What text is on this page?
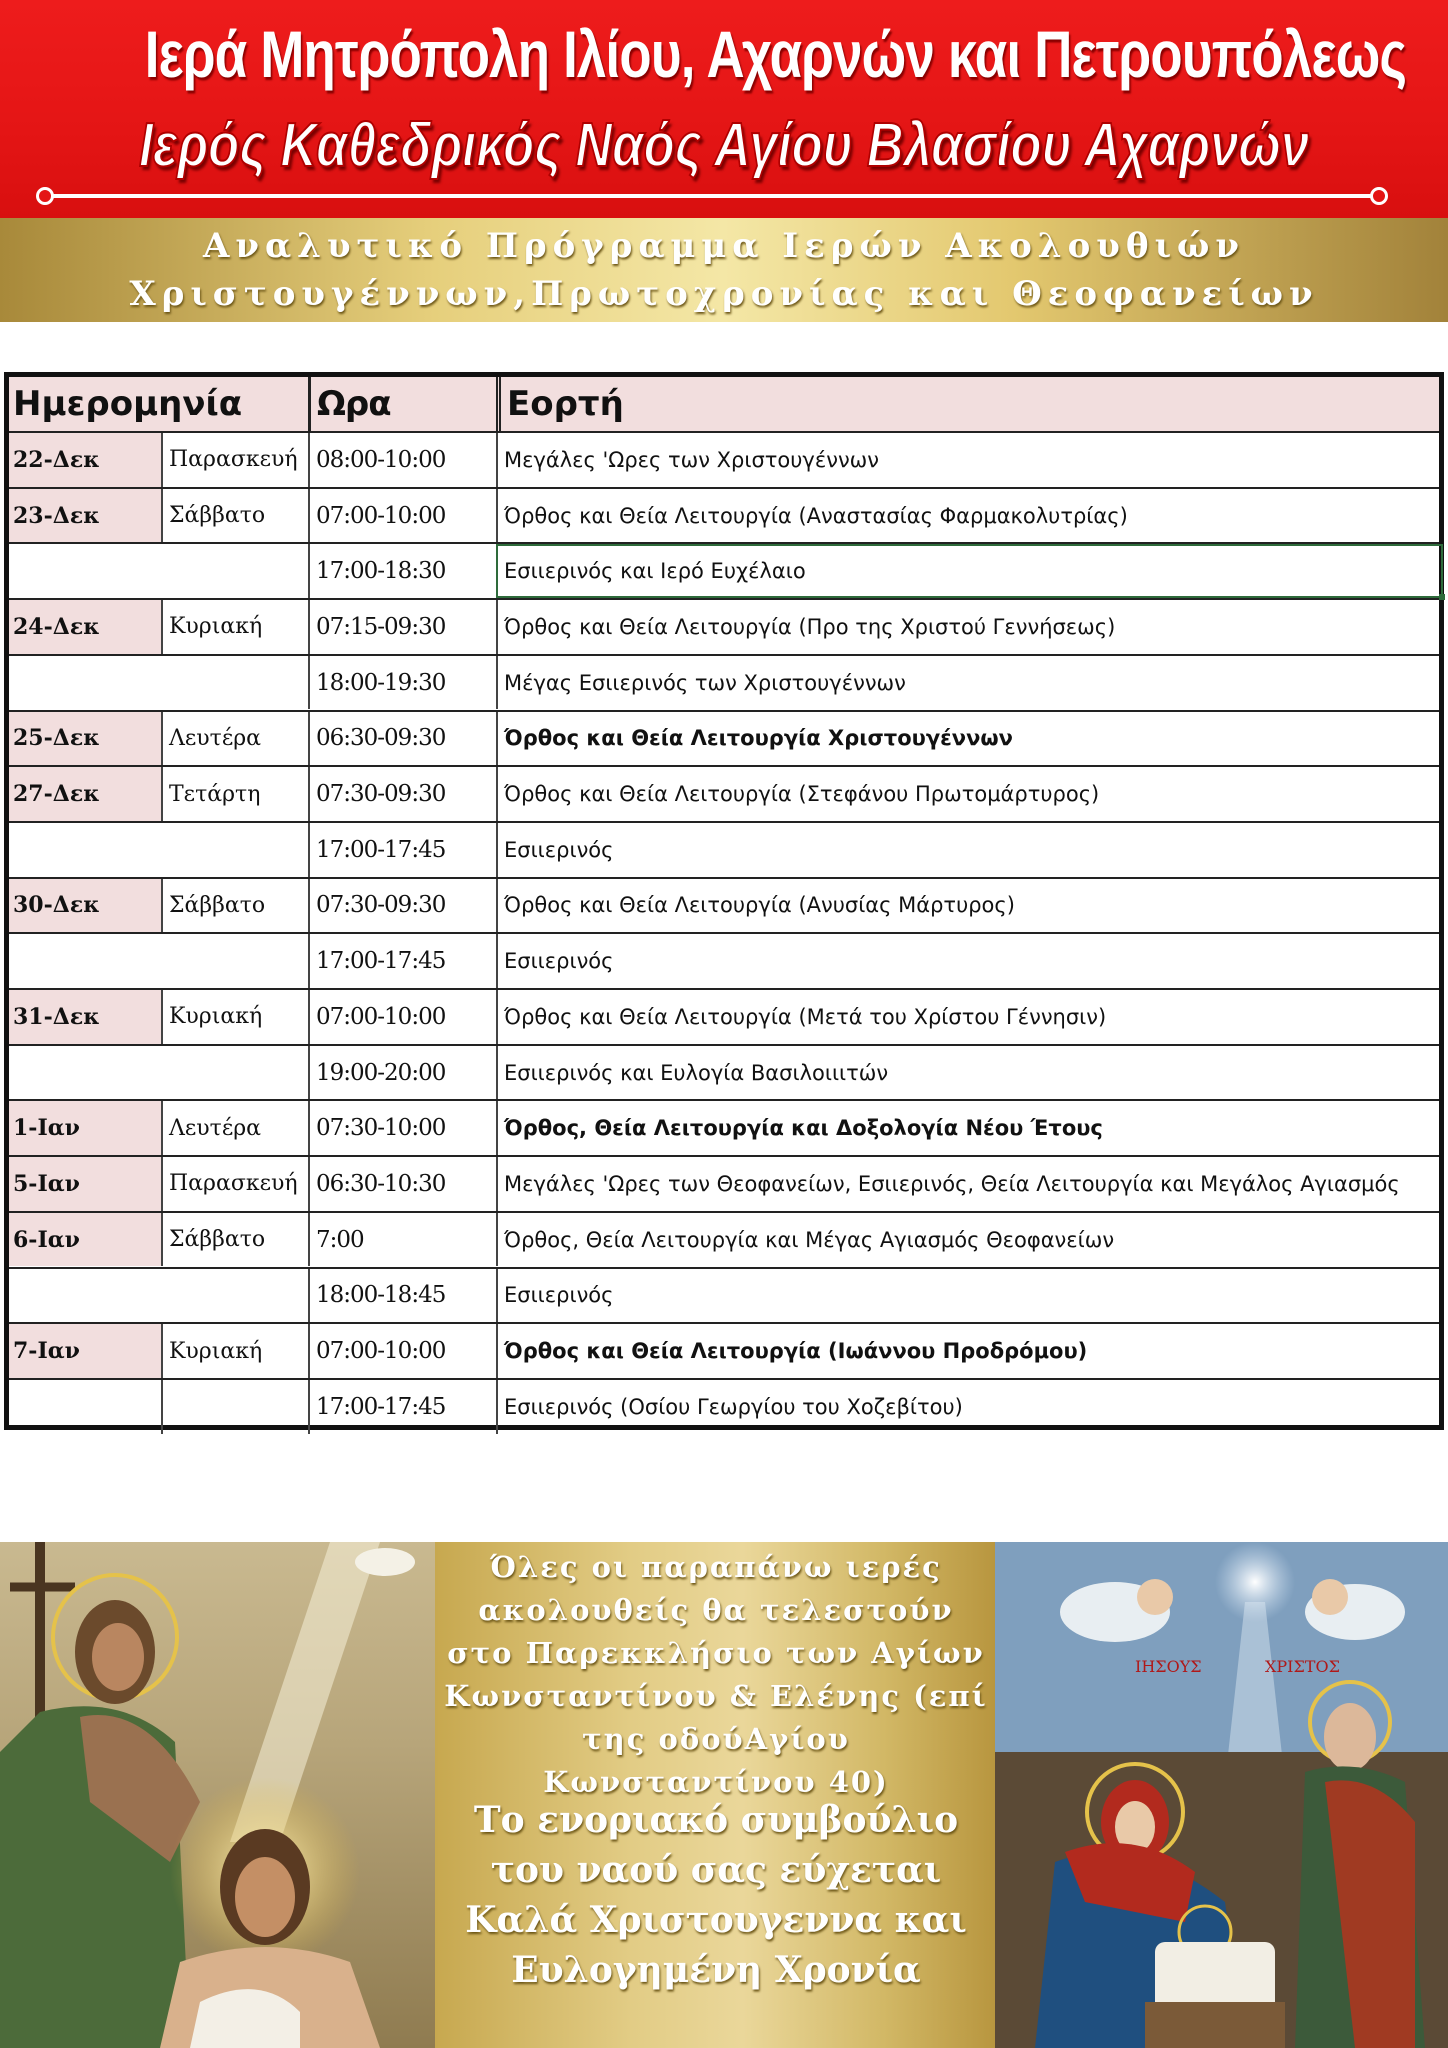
Ιερά Μητρόπολη Ιλίου, Αχαρνών και Πετρουπόλεως
Ιερός Καθεδρικός Ναός Αγίου Βλασίου Αχαρνών
Αναλυτικό Πρόγραμμα Ιερών Ακολουθιών
Χριστουγέννων,Πρωτοχρονίας και Θεοφανείων
Ημερομηνία	Ωρα	Εορτή
22-Δεκ	Παρασκευή 08:00-10:00	Μεγάλες 'Ωρες των Χριστουγέννων
23-Δεκ	Σάββατο	07:00-10:00	Όρθος και Θεία Λειτουργία (Αναστασίας Φαρμακολυτρίας)
17:00-18:30	Εσιιερινός και Ιερό Ευχέλαιο
24-Δεκ	Κυριακή	07:15-09:30	Όρθος και Θεία Λειτουργία (Προ της Χριστού Γεννήσεως)
18:00-19:30	Μέγας Εσιιερινός των Χριστουγέννων
25-Δεκ	Λευτέρα	06:30-09:30	Όρθος και Θεία Λειτουργία Χριστουγέννων
27-Δεκ	Τετάρτη	07:30-09:30	Όρθος και Θεία Λειτουργία (Στεφάνου Πρωτομάρτυρος)
17:00-17:45	Εσιιερινός
30-Δεκ	Σάββατο	07:30-09:30	Όρθος και Θεία Λειτουργία (Ανυσίας Μάρτυρος)
17:00-17:45	Εσιιερινός
31-Δεκ	Κυριακή	07:00-10:00	Όρθος και Θεία Λειτουργία (Μετά του Χρίστου Γέννησιν)
19:00-20:00	Εσιιερινός και Ευλογία Βασιλοιιιτών
1-Ιαν	Λευτέρα	07:30-10:00	Όρθος, Θεία Λειτουργία και Δοξολογία Νέου Έτους
5-Ιαν	Παρασκευή 06:30-10:30	Μεγάλες 'Ωρες των Θεοφανείων, Εσιιερινός, Θεία Λειτουργία και Μεγάλος Αγιασμός
6-Ιαν	Σάββατο	7:00	Όρθος, Θεία Λειτουργία και Μέγας Αγιασμός Θεοφανείων
18:00-18:45	Εσιιερινός
7-Ιαν	Κυριακή	07:00-10:00	Όρθος και Θεία Λειτουργία (Ιωάννου Προδρόμου)
17:00-17:45	Εσιιερινός (Οσίου Γεωργίου του Χοζεβίτου)
Όλες οι παραπάνω ιερές ακολουθείς θα τελεστούν στο Παρεκκλήσιο των Αγίων Κωνσταντίνου & Ελένης (επί της οδούΑγίου Κωνσταντίνου 40)
Το ενοριακό συμβούλιο του ναού σας εύχεται Καλά Χριστουγεννα και Ευλογημένη Χρονία
ΙΗΣΟΥΣ	ΧΡΙΣΤΟΣ
